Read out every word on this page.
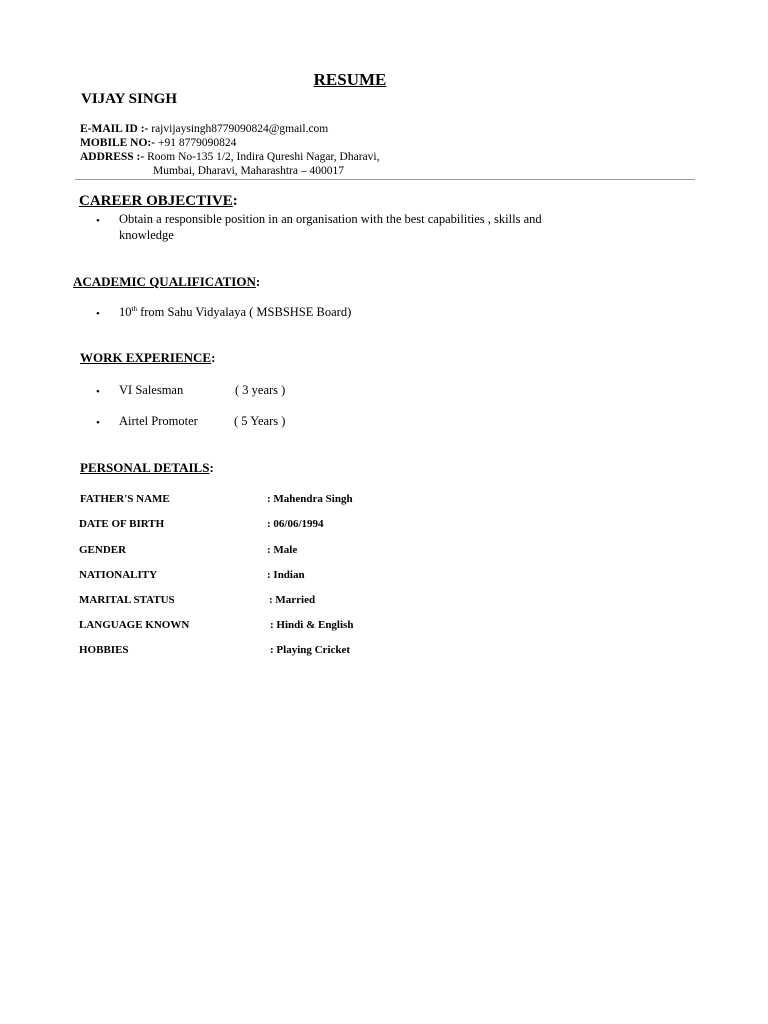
RESUME
VIJAY SINGH
E-MAIL ID :- rajvijaysingh8779090824@gmail.com
MOBILE NO:- +91 8779090824
ADDRESS :- Room No-135 1/2, Indira Qureshi Nagar, Dharavi,
Mumbai, Dharavi, Maharashtra – 400017
CAREER OBJECTIVE:
• Obtain a responsible position in an organisation with the best capabilities , skills and
knowledge
ACADEMIC QUALIFICATION:
• 10th from Sahu Vidyalaya ( MSBSHSE Board)
WORK EXPERIENCE:
• VI Salesman	( 3 years )
• Airtel Promoter	( 5 Years )
PERSONAL DETAILS:
FATHER'S NAME	: Mahendra Singh
DATE OF BIRTH	: 06/06/1994
GENDER	: Male
NATIONALITY	: Indian
MARITAL STATUS	: Married
LANGUAGE KNOWN	: Hindi & English
HOBBIES	: Playing Cricket
